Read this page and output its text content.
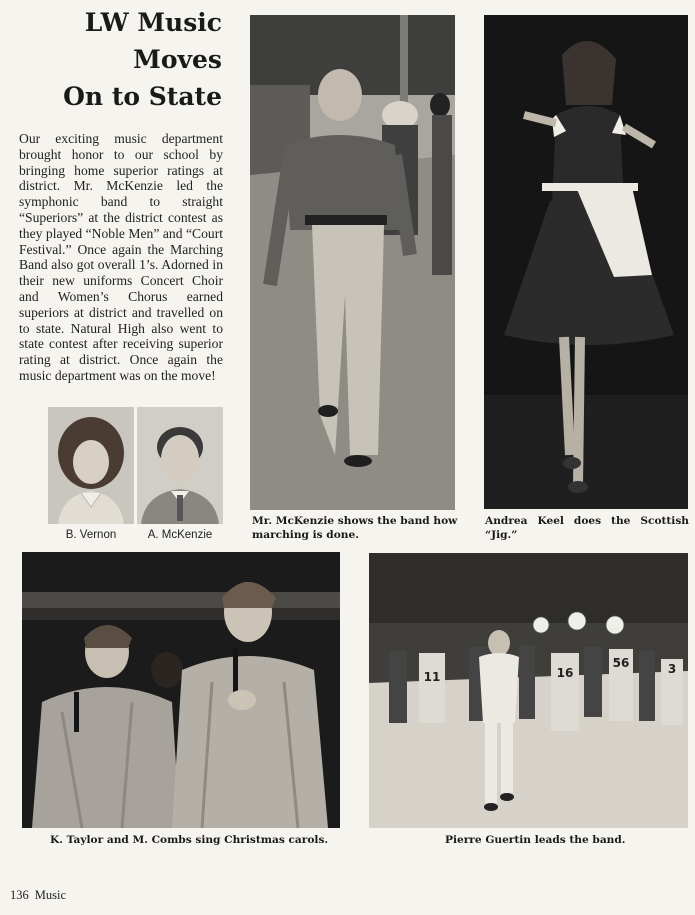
LW Music
Moves
On to State
Our exciting music department brought honor to our school by bringing home superior ratings at district. Mr. McKenzie led the symphonic band to straight “Superiors” at the district contest as they played “Noble Men” and “Court Festival.” Once again the Marching Band also got overall 1’s. Adorned in their new uniforms Concert Choir and Women’s Chorus earned superiors at district and travelled on to state. Natural High also went to state contest after receiving superior rating at district. Once again the music department was on the move!
B. Vernon	A. McKenzie
Mr. McKenzie shows the band how marching is done.
Andrea Keel does the Scottish “Jig.”
K. Taylor and M. Combs sing Christmas carols.
11	16
56	3
Pierre Guertin leads the band.
136 Music
